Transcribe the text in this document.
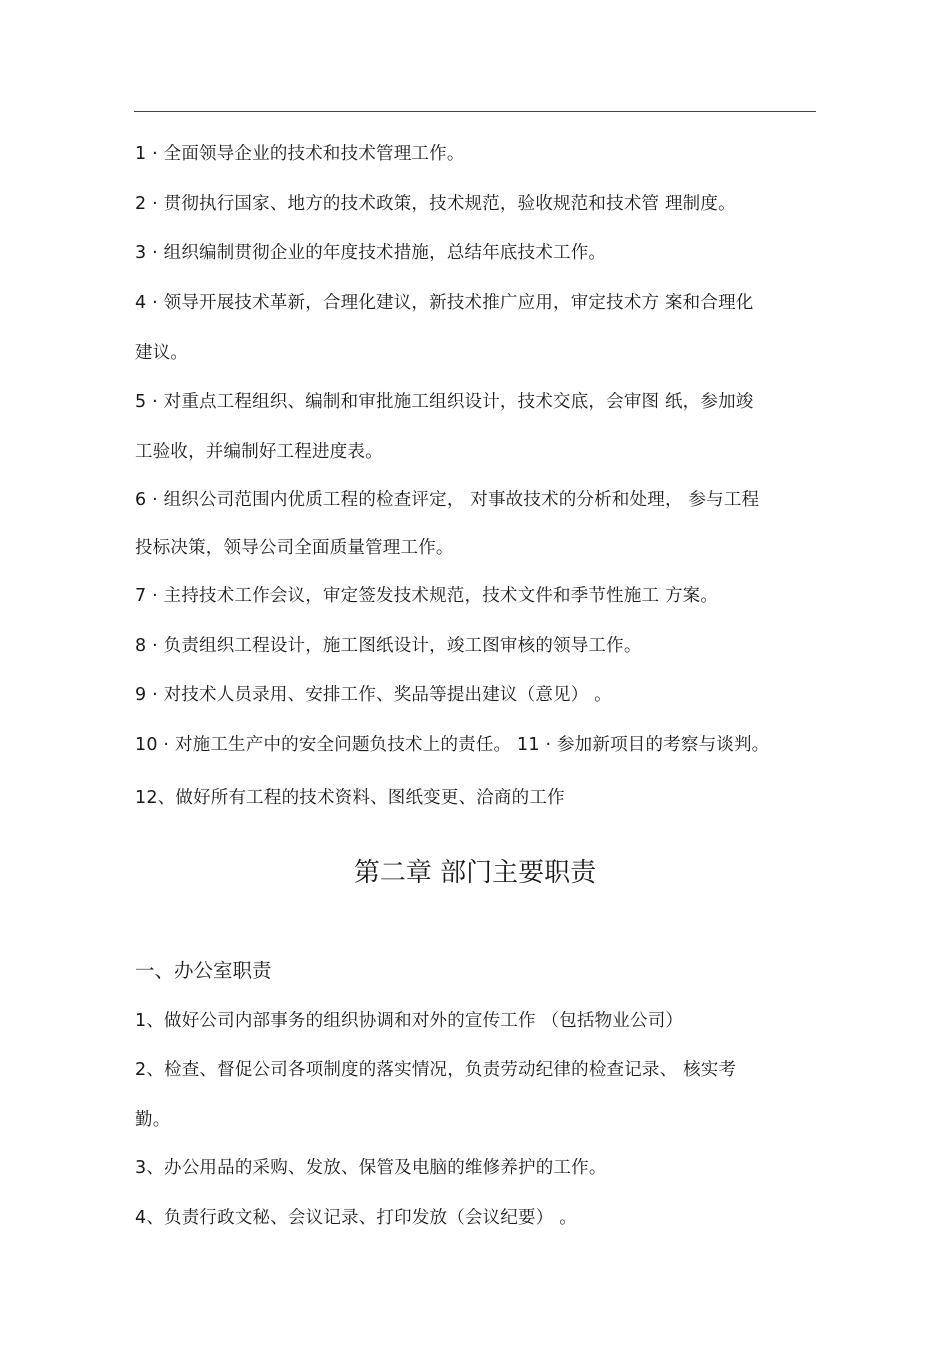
1 · 全面领导企业的技术和技术管理工作。
2 · 贯彻执行国家、地方的技术政策，技术规范，验收规范和技术管 理制度。
3 · 组织编制贯彻企业的年度技术措施，总结年底技术工作。
4 · 领导开展技术革新，合理化建议，新技术推广应用，审定技术方 案和合理化
建议。
5 · 对重点工程组织、编制和审批施工组织设计，技术交底，会审图 纸，参加竣
工验收，并编制好工程进度表。
6 · 组织公司范围内优质工程的检查评定， 对事故技术的分析和处理， 参与工程
投标决策，领导公司全面质量管理工作。
7 · 主持技术工作会议，审定签发技术规范，技术文件和季节性施工 方案。
8 · 负责组织工程设计，施工图纸设计，竣工图审核的领导工作。
9 · 对技术人员录用、安排工作、奖品等提出建议（意见） 。
10 · 对施工生产中的安全问题负技术上的责任。 11 · 参加新项目的考察与谈判。
12、做好所有工程的技术资料、图纸变更、洽商的工作
第二章 部门主要职责
一、办公室职责
1、做好公司内部事务的组织协调和对外的宣传工作 （包括物业公司）
2、检查、督促公司各项制度的落实情况，负责劳动纪律的检查记录、 核实考
勤。
3、办公用品的采购、发放、保管及电脑的维修养护的工作。
4、负责行政文秘、会议记录、打印发放（会议纪要） 。
